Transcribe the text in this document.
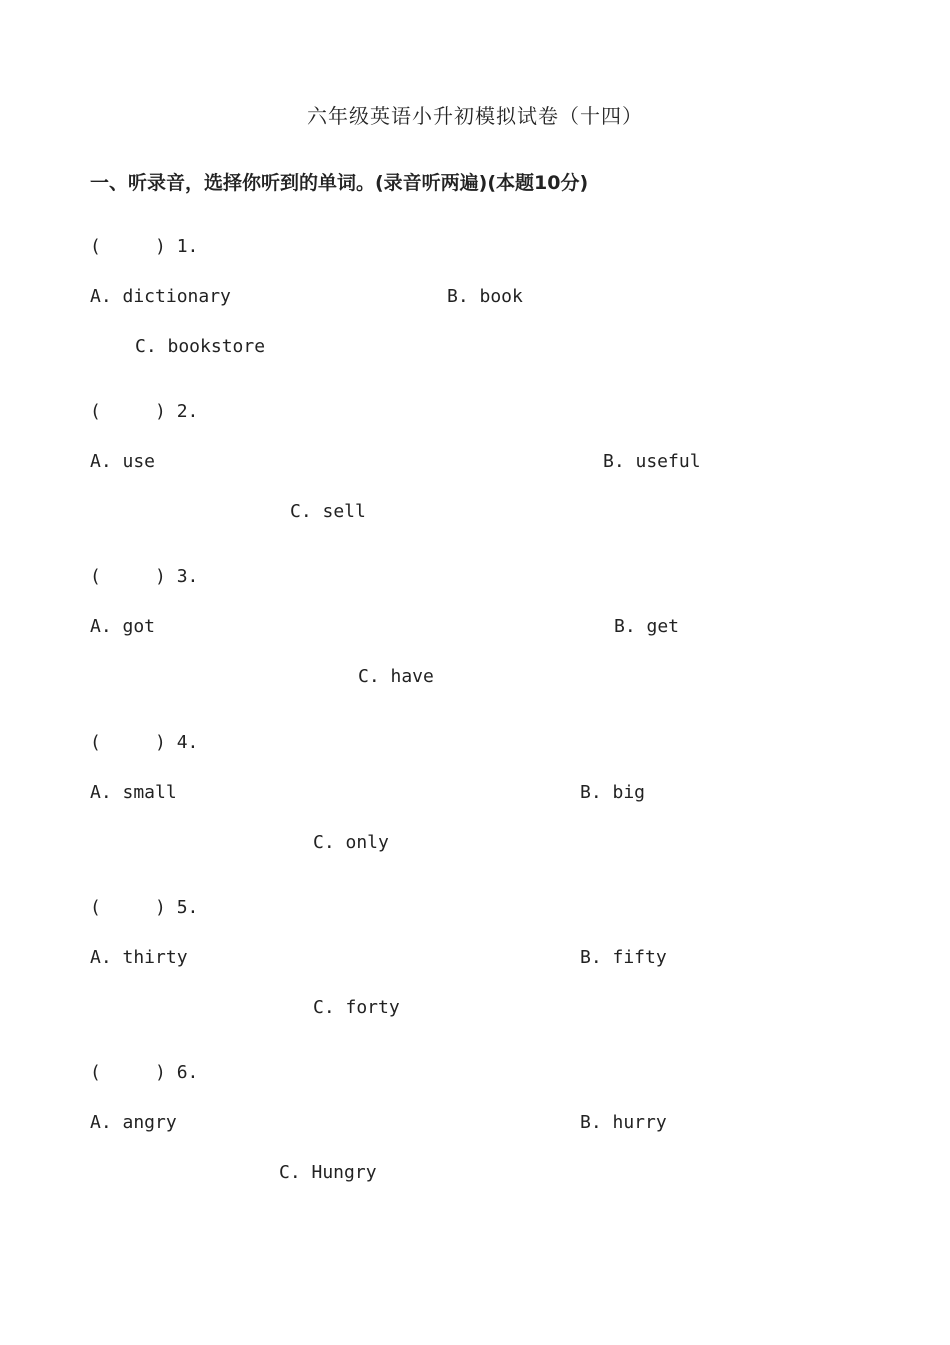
六年级英语小升初模拟试卷（十四）
一、听录音，选择你听到的单词。(录音听两遍)(本题10分)
(     ) 1.
A. dictionary	B. book
C. bookstore
(     ) 2.
A. use	B. useful
C. sell
(     ) 3.
A. got	B. get
C. have
(     ) 4.
A. small	B. big
C. only
(     ) 5.
A. thirty	B. fifty
C. forty
(     ) 6.
A. angry	B. hurry
C. Hungry
